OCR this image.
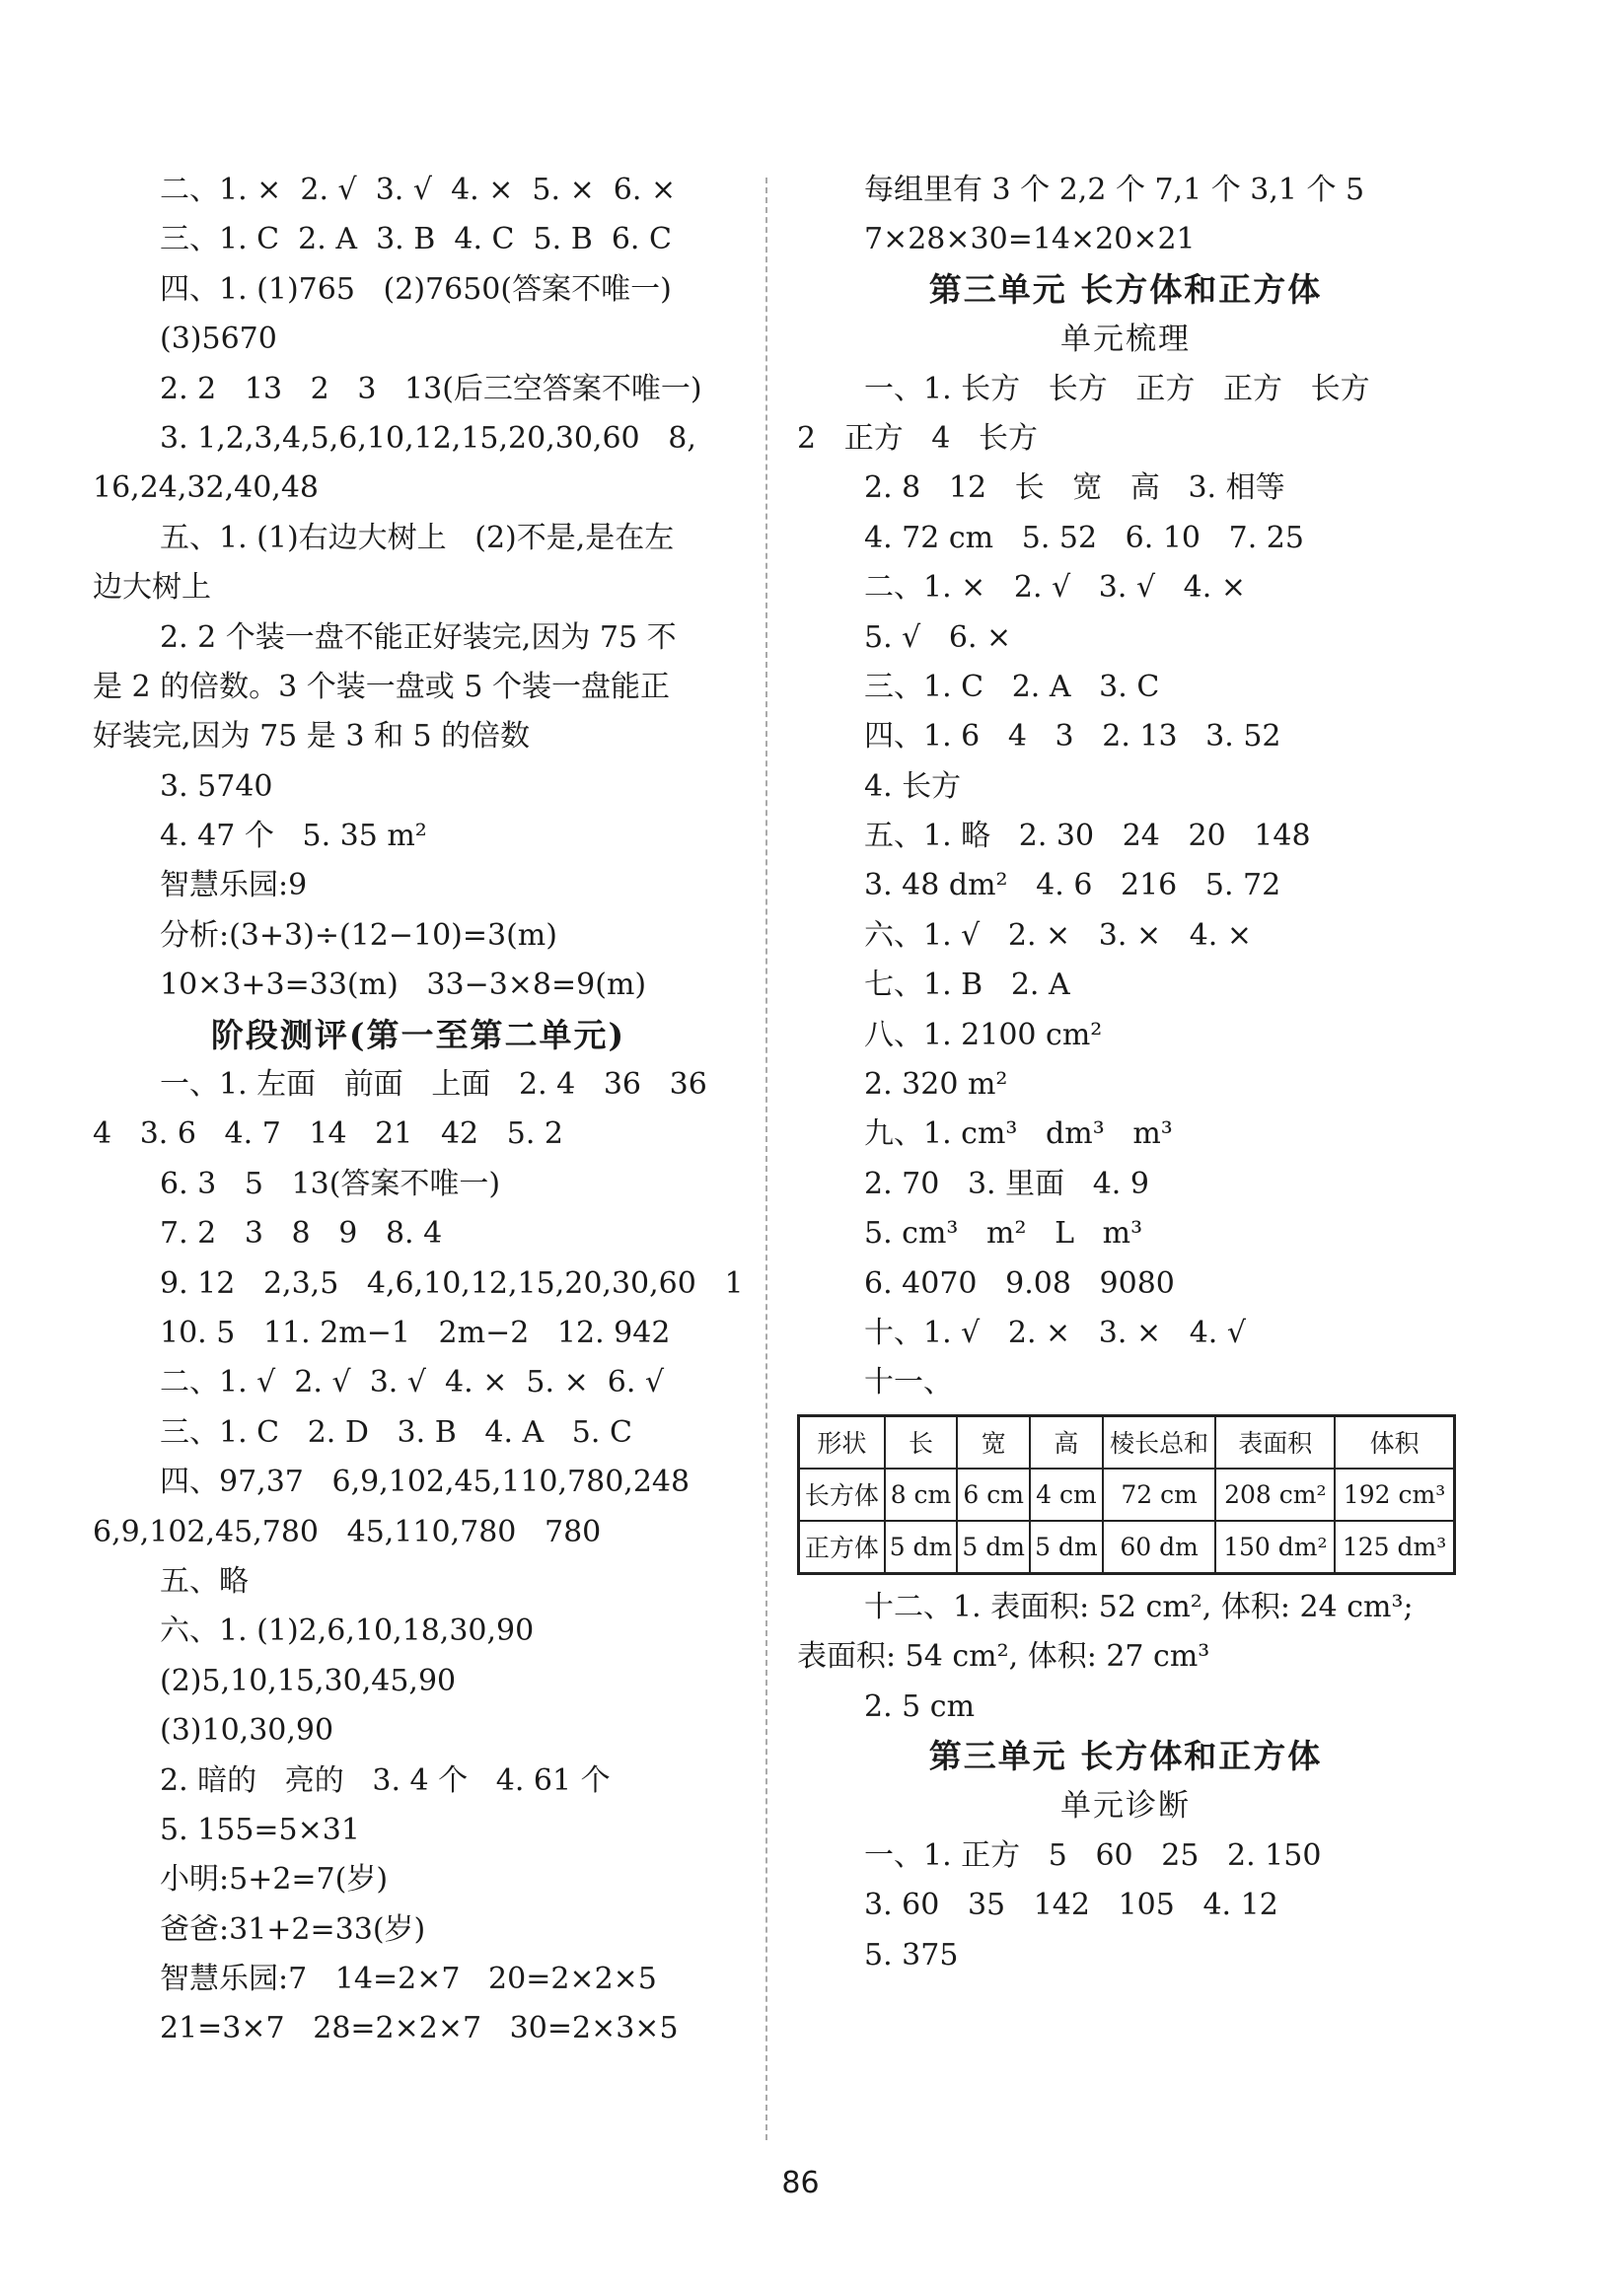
二、1. ×  2. √  3. √  4. ×  5. ×  6. ×
三、1. C  2. A  3. B  4. C  5. B  6. C
四、1. (1)765   (2)7650(答案不唯一)
(3)5670
2. 2   13   2   3   13(后三空答案不唯一)
3. 1,2,3,4,5,6,10,12,15,20,30,60   8,
16,24,32,40,48
五、1. (1)右边大树上   (2)不是,是在左
边大树上
2. 2 个装一盘不能正好装完,因为 75 不
是 2 的倍数。3 个装一盘或 5 个装一盘能正
好装完,因为 75 是 3 和 5 的倍数
3. 5740
4. 47 个   5. 35 m²
智慧乐园:9
分析:(3+3)÷(12−10)=3(m)
10×3+3=33(m)   33−3×8=9(m)
阶段测评(第一至第二单元)
一、1. 左面   前面   上面   2. 4   36   36
4   3. 6   4. 7   14   21   42   5. 2
6. 3   5   13(答案不唯一)
7. 2   3   8   9   8. 4
9. 12   2,3,5   4,6,10,12,15,20,30,60   1
10. 5   11. 2m−1   2m−2   12. 942
二、1. √  2. √  3. √  4. ×  5. ×  6. √
三、1. C   2. D   3. B   4. A   5. C
四、97,37   6,9,102,45,110,780,248
6,9,102,45,780   45,110,780   780
五、略
六、1. (1)2,6,10,18,30,90
(2)5,10,15,30,45,90
(3)10,30,90
2. 暗的   亮的   3. 4 个   4. 61 个
5. 155=5×31
小明:5+2=7(岁)
爸爸:31+2=33(岁)
智慧乐园:7   14=2×7   20=2×2×5
21=3×7   28=2×2×7   30=2×3×5
每组里有 3 个 2,2 个 7,1 个 3,1 个 5
7×28×30=14×20×21
第三单元 长方体和正方体
单元梳理
一、1. 长方   长方   正方   正方   长方
2   正方   4   长方
2. 8   12   长   宽   高   3. 相等
4. 72 cm   5. 52   6. 10   7. 25
二、1. ×   2. √   3. √   4. ×
5. √   6. ×
三、1. C   2. A   3. C
四、1. 6   4   3   2. 13   3. 52
4. 长方
五、1. 略   2. 30   24   20   148
3. 48 dm²   4. 6   216   5. 72
六、1. √   2. ×   3. ×   4. ×
七、1. B   2. A
八、1. 2100 cm²
2. 320 m²
九、1. cm³   dm³   m³
2. 70   3. 里面   4. 9
5. cm³   m²   L   m³
6. 4070   9.08   9080
十、1. √   2. ×   3. ×   4. √
十一、
形状	长	宽	高	棱长总和	表面积	体积
长方体	8 cm	6 cm	4 cm	72 cm	208 cm²	192 cm³
正方体	5 dm	5 dm	5 dm	60 dm	150 dm²	125 dm³
十二、1. 表面积: 52 cm², 体积: 24 cm³;
表面积: 54 cm², 体积: 27 cm³
2. 5 cm
第三单元 长方体和正方体
单元诊断
一、1. 正方   5   60   25   2. 150
3. 60   35   142   105   4. 12
5. 375
86
